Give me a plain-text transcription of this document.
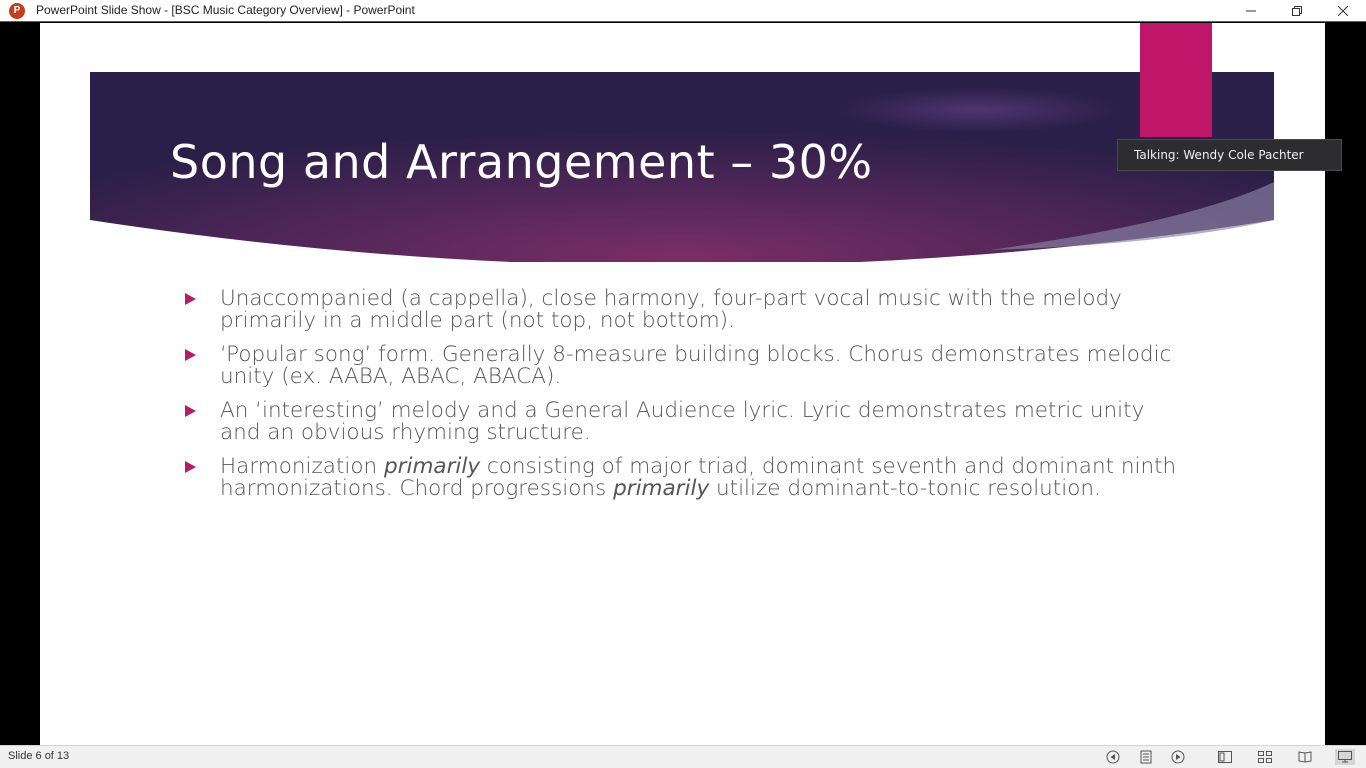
P	PowerPoint Slide Show - [BSC Music Category Overview] - PowerPoint
Song and Arrangement – 30%
Unaccompanied (a cappella), close harmony, four-part vocal music with the melody primarily in a middle part (not top, not bottom).
‘Popular song’ form. Generally 8-measure building blocks. Chorus demonstrates melodic unity (ex. AABA, ABAC, ABACA).
An ‘interesting’ melody and a General Audience lyric. Lyric demonstrates metric unity and an obvious rhyming structure.
Harmonization primarily consisting of major triad, dominant seventh and dominant ninth harmonizations. Chord progressions primarily utilize dominant-to-tonic resolution.
Talking: Wendy Cole Pachter
Slide 6 of 13
